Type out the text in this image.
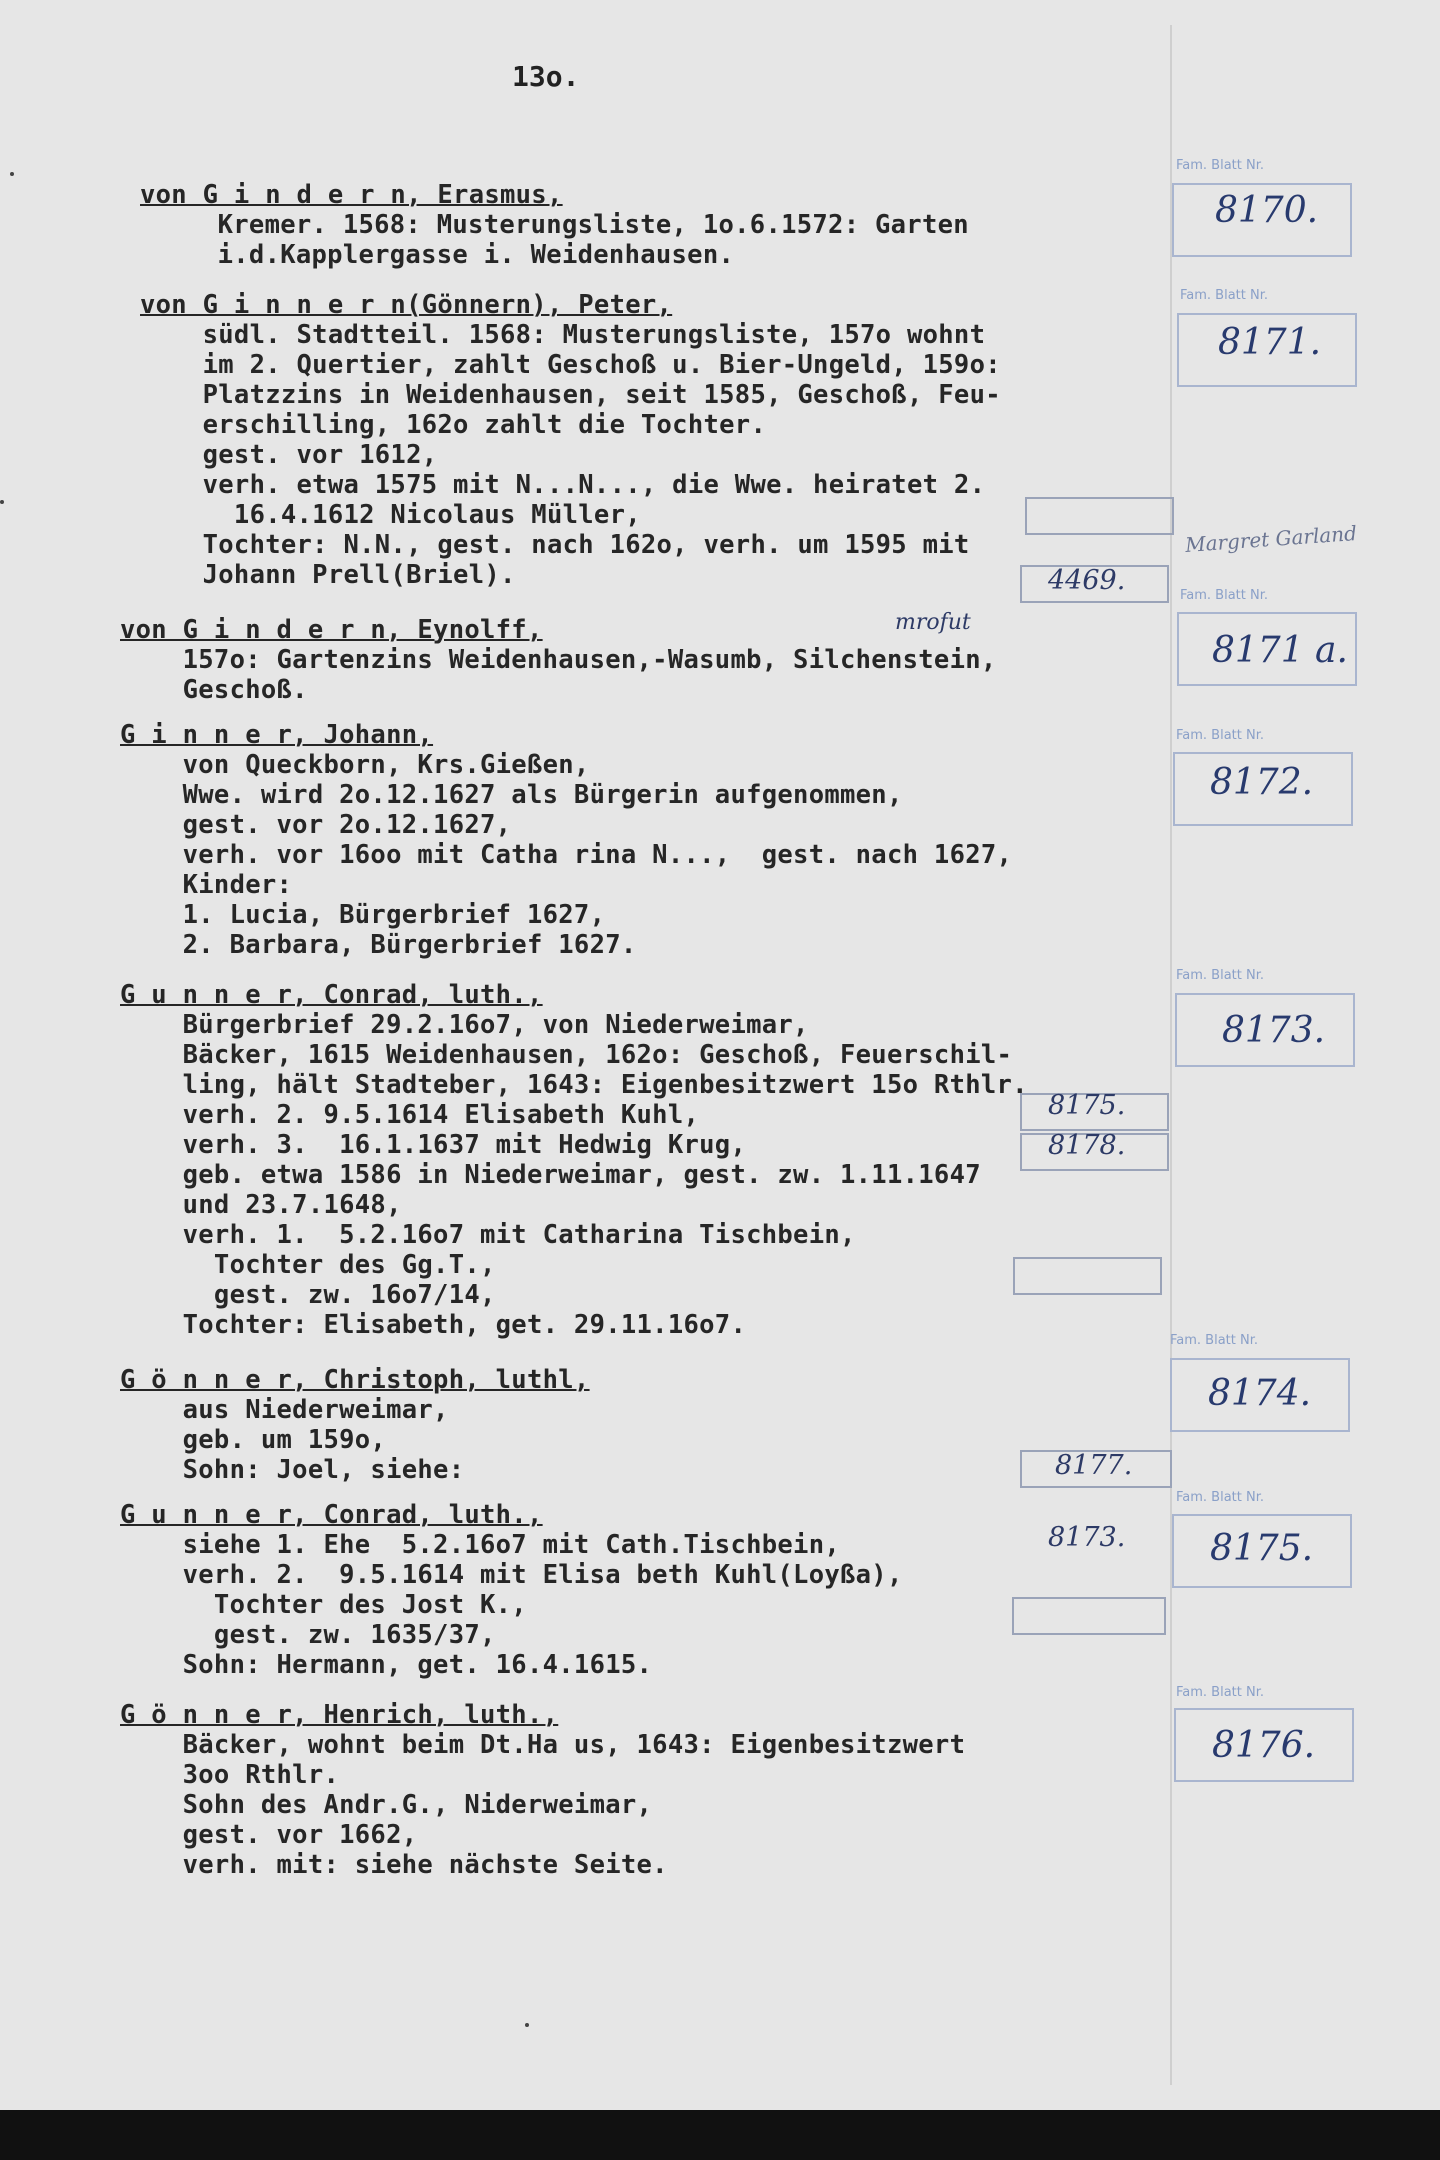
13o.
von G i n d e r n, Erasmus,
Kremer. 1568: Musterungsliste, 1o.6.1572: Garten
i.d.Kapplergasse i. Weidenhausen.
Fam. Blatt Nr.
8170.
von G i n n e r n(Gönnern), Peter,
südl. Stadtteil. 1568: Musterungsliste, 157o wohnt
im 2. Quertier, zahlt Geschoß u. Bier-Ungeld, 159o:
Platzzins in Weidenhausen, seit 1585, Geschoß, Feu-
erschilling, 162o zahlt die Tochter.
gest. vor 1612,
verh. etwa 1575 mit N...N..., die Wwe. heiratet 2.
16.4.1612 Nicolaus Müller,
Tochter: N.N., gest. nach 162o, verh. um 1595 mit
Johann Prell(Briel).
Fam. Blatt Nr.
8171.
4469.
Margret Garland
mrofut
von G i n d e r n, Eynolff,
157o: Gartenzins Weidenhausen,-Wasumb, Silchenstein,
Geschoß.
Fam. Blatt Nr.
8171 a.
G i n n e r, Johann,
von Queckborn, Krs.Gießen,
Wwe. wird 2o.12.1627 als Bürgerin aufgenommen,
gest. vor 2o.12.1627,
verh. vor 16oo mit Catha rina N...,  gest. nach 1627,
Kinder:
1. Lucia, Bürgerbrief 1627,
2. Barbara, Bürgerbrief 1627.
Fam. Blatt Nr.
8172.
G u n n e r, Conrad, luth.,
Bürgerbrief 29.2.16o7, von Niederweimar,
Bäcker, 1615 Weidenhausen, 162o: Geschoß, Feuerschil-
ling, hält Stadteber, 1643: Eigenbesitzwert 15o Rthlr.
verh. 2. 9.5.1614 Elisabeth Kuhl,
verh. 3.  16.1.1637 mit Hedwig Krug,
geb. etwa 1586 in Niederweimar, gest. zw. 1.11.1647
und 23.7.1648,
verh. 1.  5.2.16o7 mit Catharina Tischbein,
Tochter des Gg.T.,
gest. zw. 16o7/14,
Tochter: Elisabeth, get. 29.11.16o7.
Fam. Blatt Nr.
8173.
8175.
8178.
G ö n n e r, Christoph, luthl,
aus Niederweimar,
geb. um 159o,
Sohn: Joel, siehe:
Fam. Blatt Nr.
8174.
8177.
G u n n e r, Conrad, luth.,
siehe 1. Ehe  5.2.16o7 mit Cath.Tischbein,
verh. 2.  9.5.1614 mit Elisa beth Kuhl(Loyßa),
Tochter des Jost K.,
gest. zw. 1635/37,
Sohn: Hermann, get. 16.4.1615.
Fam. Blatt Nr.
8175.
8173.
G ö n n e r, Henrich, luth.,
Bäcker, wohnt beim Dt.Ha us, 1643: Eigenbesitzwert
3oo Rthlr.
Sohn des Andr.G., Niderweimar,
gest. vor 1662,
verh. mit: siehe nächste Seite.
Fam. Blatt Nr.
8176.
